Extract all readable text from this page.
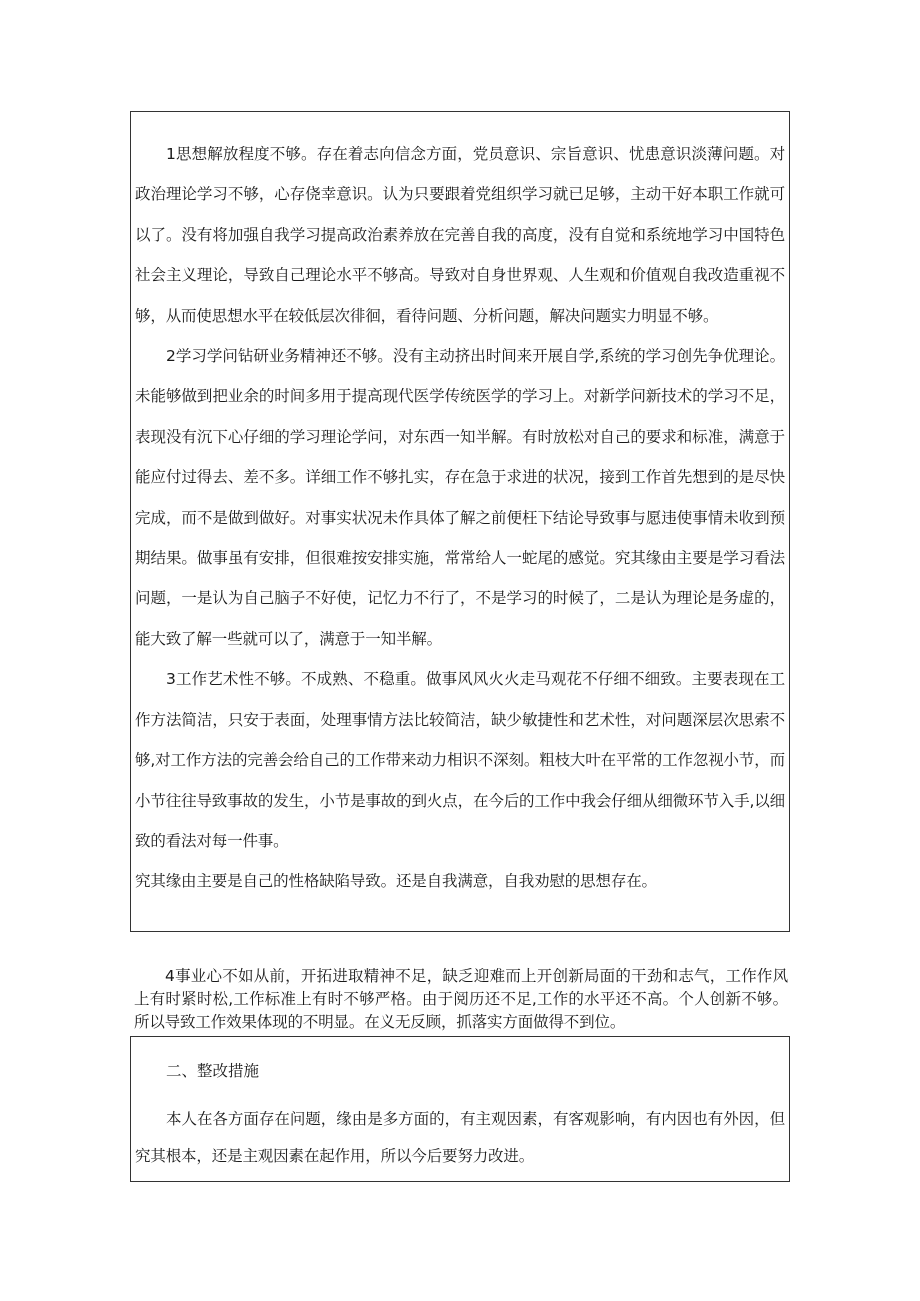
1思想解放程度不够。存在着志向信念方面，党员意识、宗旨意识、忧患意识淡薄问题。对政治理论学习不够，心存侥幸意识。认为只要跟着党组织学习就已足够，主动干好本职工作就可以了。没有将加强自我学习提高政治素养放在完善自我的高度，没有自觉和系统地学习中国特色社会主义理论，导致自己理论水平不够高。导致对自身世界观、人生观和价值观自我改造重视不够，从而使思想水平在较低层次徘徊，看待问题、分析问题，解决问题实力明显不够。

2学习学问钻研业务精神还不够。没有主动挤出时间来开展自学,系统的学习创先争优理论。未能够做到把业余的时间多用于提高现代医学传统医学的学习上。对新学问新技术的学习不足，表现没有沉下心仔细的学习理论学问，对东西一知半解。有时放松对自己的要求和标准，满意于能应付过得去、差不多。详细工作不够扎实，存在急于求进的状况，接到工作首先想到的是尽快完成，而不是做到做好。对事实状况未作具体了解之前便枉下结论导致事与愿违使事情未收到预期结果。做事虽有安排，但很难按安排实施，常常给人一蛇尾的感觉。究其缘由主要是学习看法问题，一是认为自己脑子不好使，记忆力不行了，不是学习的时候了，二是认为理论是务虚的，能大致了解一些就可以了，满意于一知半解。

3工作艺术性不够。不成熟、不稳重。做事风风火火走马观花不仔细不细致。主要表现在工作方法简洁，只安于表面，处理事情方法比较简洁，缺少敏捷性和艺术性，对问题深层次思索不够,对工作方法的完善会给自己的工作带来动力相识不深刻。粗枝大叶在平常的工作忽视小节，而小节往往导致事故的发生，小节是事故的到火点，在今后的工作中我会仔细从细微环节入手,以细致的看法对每一件事。

究其缘由主要是自己的性格缺陷导致。还是自我满意，自我劝慰的思想存在。

4事业心不如从前，开拓进取精神不足，缺乏迎难而上开创新局面的干劲和志气，工作作风上有时紧时松,工作标准上有时不够严格。由于阅历还不足,工作的水平还不高。个人创新不够。所以导致工作效果体现的不明显。在义无反顾，抓落实方面做得不到位。

二、整改措施

本人在各方面存在问题，缘由是多方面的，有主观因素，有客观影响，有内因也有外因，但究其根本，还是主观因素在起作用，所以今后要努力改进。
